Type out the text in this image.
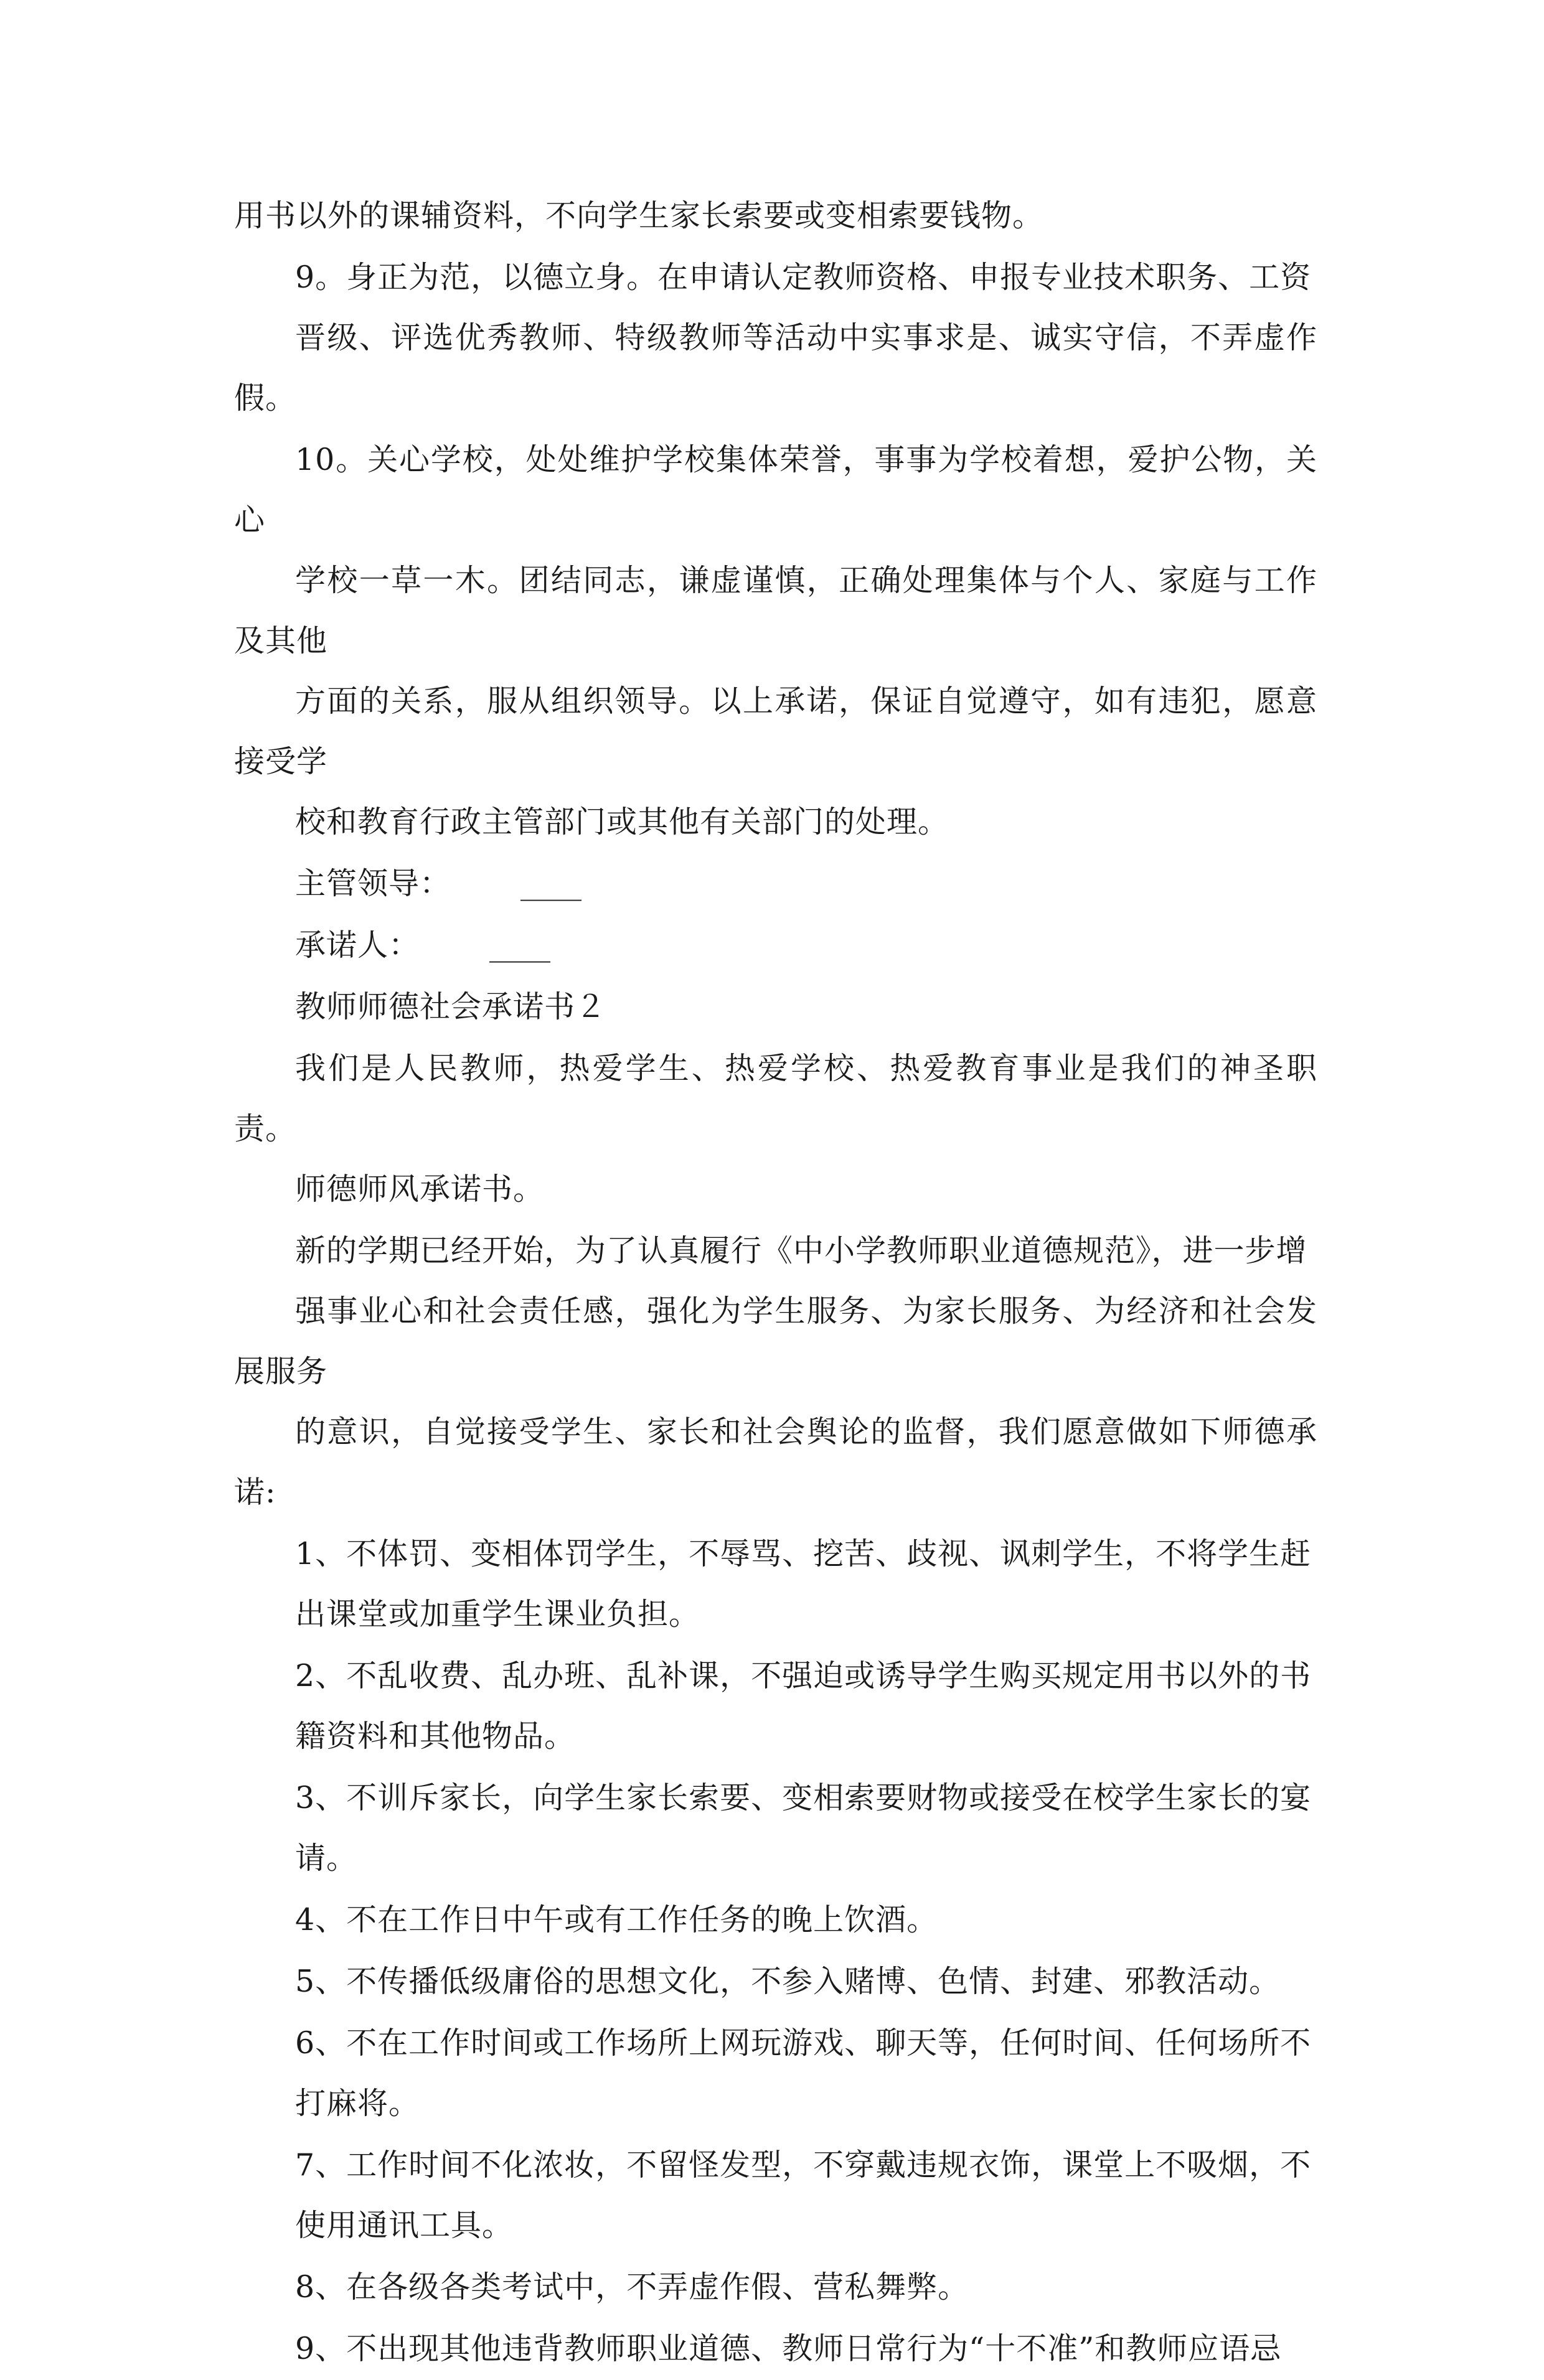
用书以外的课辅资料，不向学生家长索要或变相索要钱物。

9。身正为范，以德立身。在申请认定教师资格、申报专业技术职务、工资
晋级、评选优秀教师、特级教师等活动中实事求是、诚实守信，不弄虚作假。

10。关心学校，处处维护学校集体荣誉，事事为学校着想，爱护公物，关心
学校一草一木。团结同志，谦虚谨慎，正确处理集体与个人、家庭与工作及其他
方面的关系，服从组织领导。以上承诺，保证自觉遵守，如有违犯，愿意接受学
校和教育行政主管部门或其他有关部门的处理。

主管领导： ____

承诺人： ____

教师师德社会承诺书２

我们是人民教师，热爱学生、热爱学校、热爱教育事业是我们的神圣职责。
师德师风承诺书。

新的学期已经开始，为了认真履行《中小学教师职业道德规范》，进一步增
强事业心和社会责任感，强化为学生服务、为家长服务、为经济和社会发展服务
的意识，自觉接受学生、家长和社会舆论的监督，我们愿意做如下师德承诺:

1、不体罚、变相体罚学生，不辱骂、挖苦、歧视、讽刺学生，不将学生赶
出课堂或加重学生课业负担。

2、不乱收费、乱办班、乱补课，不强迫或诱导学生购买规定用书以外的书
籍资料和其他物品。

3、不训斥家长，向学生家长索要、变相索要财物或接受在校学生家长的宴
请。

4、不在工作日中午或有工作任务的晚上饮酒。

5、不传播低级庸俗的思想文化，不参入赌博、色情、封建、邪教活动。

6、不在工作时间或工作场所上网玩游戏、聊天等，任何时间、任何场所不
打麻将。

7、工作时间不化浓妆，不留怪发型，不穿戴违规衣饰，课堂上不吸烟，不
使用通讯工具。

8、在各级各类考试中，不弄虚作假、营私舞弊。

9、不出现其他违背教师职业道德、教师日常行为“十不准”和教师应语忌
